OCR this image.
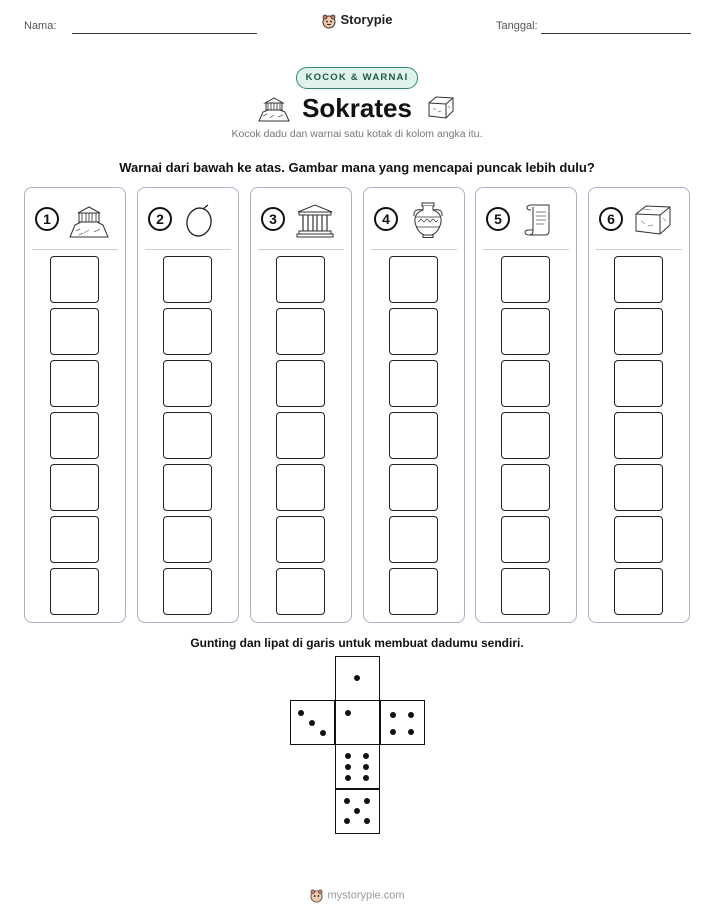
Nama:	Storypie	Tanggal:
KOCOK & WARNAI
Sokrates
Kocok dadu dan warnai satu kotak di kolom angka itu.
Warnai dari bawah ke atas. Gambar mana yang mencapai puncak lebih dulu?
1	2	3	4	5	6
Gunting dan lipat di garis untuk membuat dadumu sendiri.
mystorypie.com
